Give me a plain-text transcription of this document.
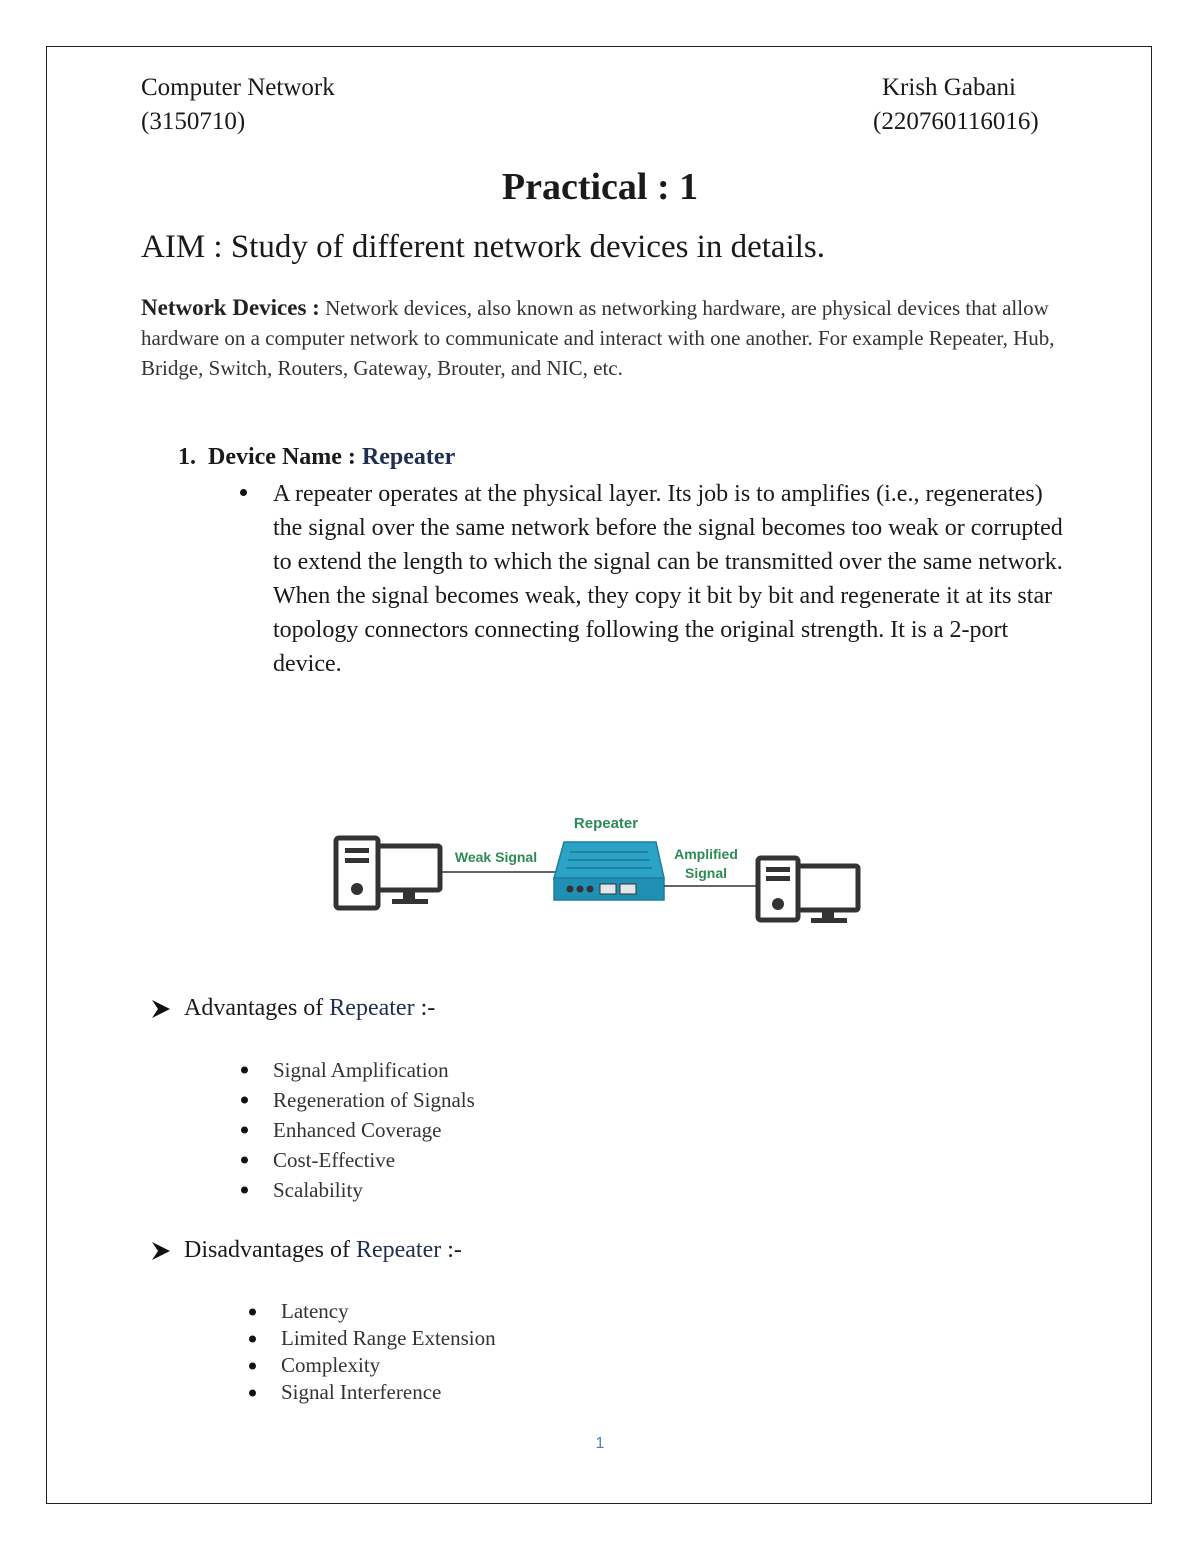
Computer Network
(3150710)
Krish Gabani
(220760116016)
Practical : 1
AIM : Study of different network devices in details.
Network Devices : Network devices, also known as networking hardware, are physical devices that allow hardware on a computer network to communicate and interact with one another. For example Repeater, Hub, Bridge, Switch, Routers, Gateway, Brouter, and NIC, etc.
1. Device Name : Repeater
A repeater operates at the physical layer. Its job is to amplifies (i.e., regenerates) the signal over the same network before the signal becomes too weak or corrupted to extend the length to which the signal can be transmitted over the same network. When the signal becomes weak, they copy it bit by bit and regenerate it at its star topology connectors connecting following the original strength. It is a 2-port device.
Weak Signal
Repeater
Amplified
Signal
Advantages of Repeater :-
Signal Amplification
Regeneration of Signals
Enhanced Coverage
Cost-Effective
Scalability
Disadvantages of Repeater :-
Latency
Limited Range Extension
Complexity
Signal Interference
1
